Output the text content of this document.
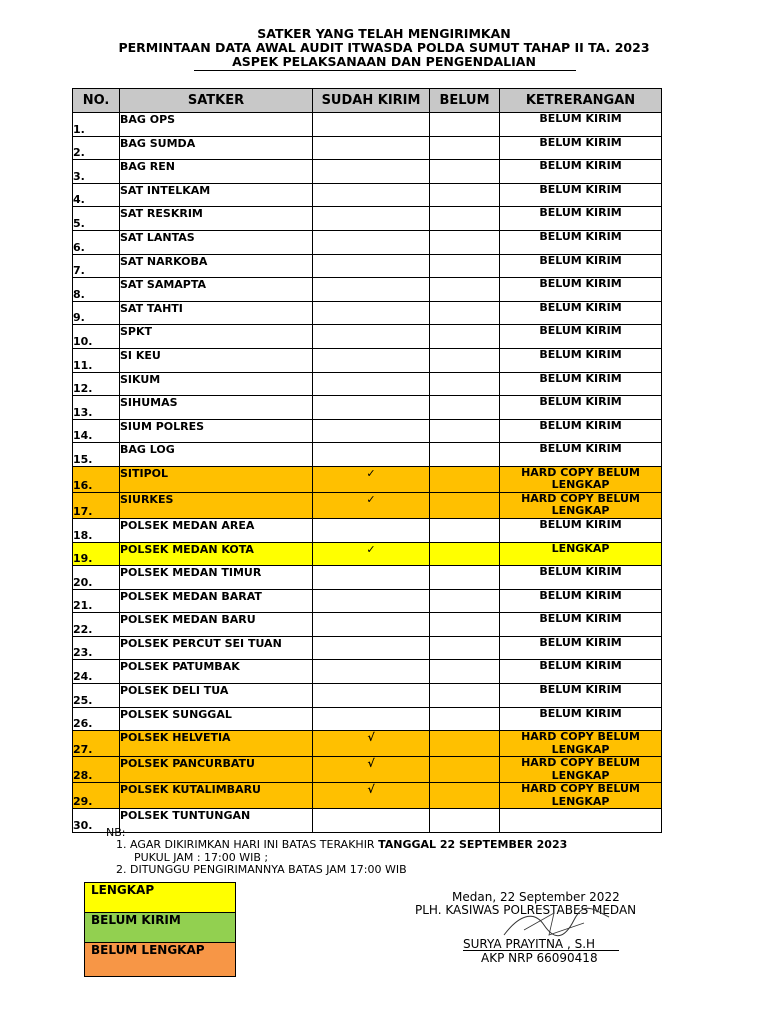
SATKER YANG TELAH MENGIRIMKAN
PERMINTAAN DATA AWAL AUDIT ITWASDA POLDA SUMUT TAHAP II TA. 2023
ASPEK PELAKSANAAN DAN PENGENDALIAN
NO.	SATKER	SUDAH KIRIM	BELUM	KETRERANGAN
1.	BAG OPS			BELUM KIRIM
2.	BAG SUMDA			BELUM KIRIM
3.	BAG REN			BELUM KIRIM
4.	SAT INTELKAM			BELUM KIRIM
5.	SAT RESKRIM			BELUM KIRIM
6.	SAT LANTAS			BELUM KIRIM
7.	SAT NARKOBA			BELUM KIRIM
8.	SAT SAMAPTA			BELUM KIRIM
9.	SAT TAHTI			BELUM KIRIM
10.	SPKT			BELUM KIRIM
11.	SI KEU			BELUM KIRIM
12.	SIKUM			BELUM KIRIM
13.	SIHUMAS			BELUM KIRIM
14.	SIUM POLRES			BELUM KIRIM
15.	BAG LOG			BELUM KIRIM
16.	SITIPOL	✓		HARD COPY BELUM LENGKAP
17.	SIURKES	✓		HARD COPY BELUM LENGKAP
18.	POLSEK MEDAN AREA			BELUM KIRIM
19.	POLSEK MEDAN KOTA	✓		LENGKAP
20.	POLSEK MEDAN TIMUR			BELUM KIRIM
21.	POLSEK MEDAN BARAT			BELUM KIRIM
22.	POLSEK MEDAN BARU			BELUM KIRIM
23.	POLSEK PERCUT SEI TUAN			BELUM KIRIM
24.	POLSEK PATUMBAK			BELUM KIRIM
25.	POLSEK DELI TUA			BELUM KIRIM
26.	POLSEK SUNGGAL			BELUM KIRIM
27.	POLSEK HELVETIA	√		HARD COPY BELUM LENGKAP
28.	POLSEK PANCURBATU	√		HARD COPY BELUM LENGKAP
29.	POLSEK KUTALIMBARU	√		HARD COPY BELUM LENGKAP
30.	POLSEK TUNTUNGAN			
NB:
1. AGAR DIKIRIMKAN HARI INI BATAS TERAKHIR TANGGAL 22 SEPTEMBER 2023
PUKUL JAM : 17:00 WIB ;
2. DITUNGGU PENGIRIMANNYA BATAS JAM 17:00 WIB
LENGKAP
BELUM KIRIM
BELUM LENGKAP
Medan, 22 September 2022
PLH. KASIWAS POLRESTABES MEDAN
SURYA PRAYITNA , S.H
AKP NRP 66090418
